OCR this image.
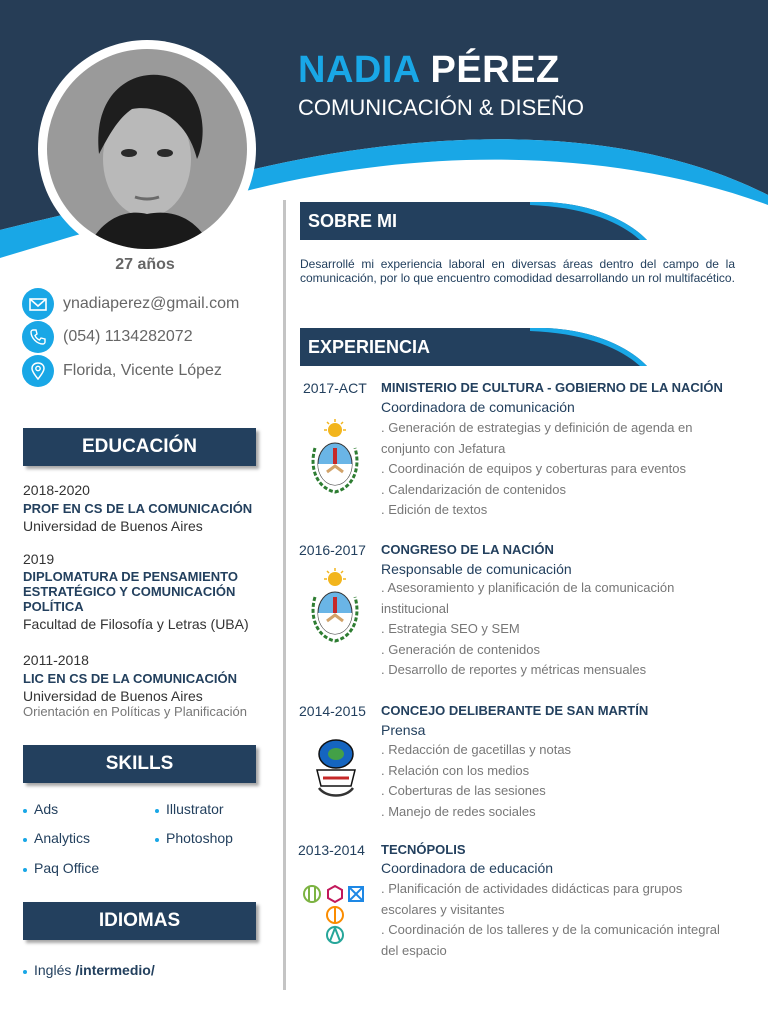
NADIA PÉREZ
COMUNICACIÓN & DISEÑO
27 años
ynadiaperez@gmail.com
(054) 1134282072
Florida, Vicente López
EDUCACIÓN
2018-2020
PROF EN CS DE LA COMUNICACIÓN
Universidad de Buenos Aires
2019
DIPLOMATURA DE PENSAMIENTO ESTRATÉGICO Y COMUNICACIÓN POLÍTICA
Facultad de Filosofía y Letras (UBA)
2011-2018
LIC EN CS DE LA COMUNICACIÓN
Universidad de Buenos Aires
Orientación en Políticas y Planificación
SKILLS
Ads	Illustrator
Analytics	Photoshop
Paq Office
IDIOMAS
Inglés /intermedio/
SOBRE MI
Desarrollé mi experiencia laboral en diversas áreas dentro del campo de la comunicación, por lo que encuentro comodidad desarrollando un rol multifacético.
EXPERIENCIA
2017-ACT MINISTERIO DE CULTURA - GOBIERNO DE LA NACIÓN
Coordinadora de comunicación
. Generación de estrategias y definición de agenda en conjunto con Jefatura
. Coordinación de equipos y coberturas para eventos
. Calendarización de contenidos
. Edición de textos
2016-2017 CONGRESO DE LA NACIÓN
Responsable de comunicación
. Asesoramiento y planificación de la comunicación institucional
. Estrategia SEO y SEM
. Generación de contenidos
. Desarrollo de reportes y métricas mensuales
2014-2015 CONCEJO DELIBERANTE DE SAN MARTÍN
Prensa
. Redacción de gacetillas y notas
. Relación con los medios
. Coberturas de las sesiones
. Manejo de redes sociales
2013-2014 TECNÓPOLIS
Coordinadora de educación
. Planificación de actividades didácticas para grupos escolares y visitantes
. Coordinación de los talleres y de la comunicación integral del espacio
